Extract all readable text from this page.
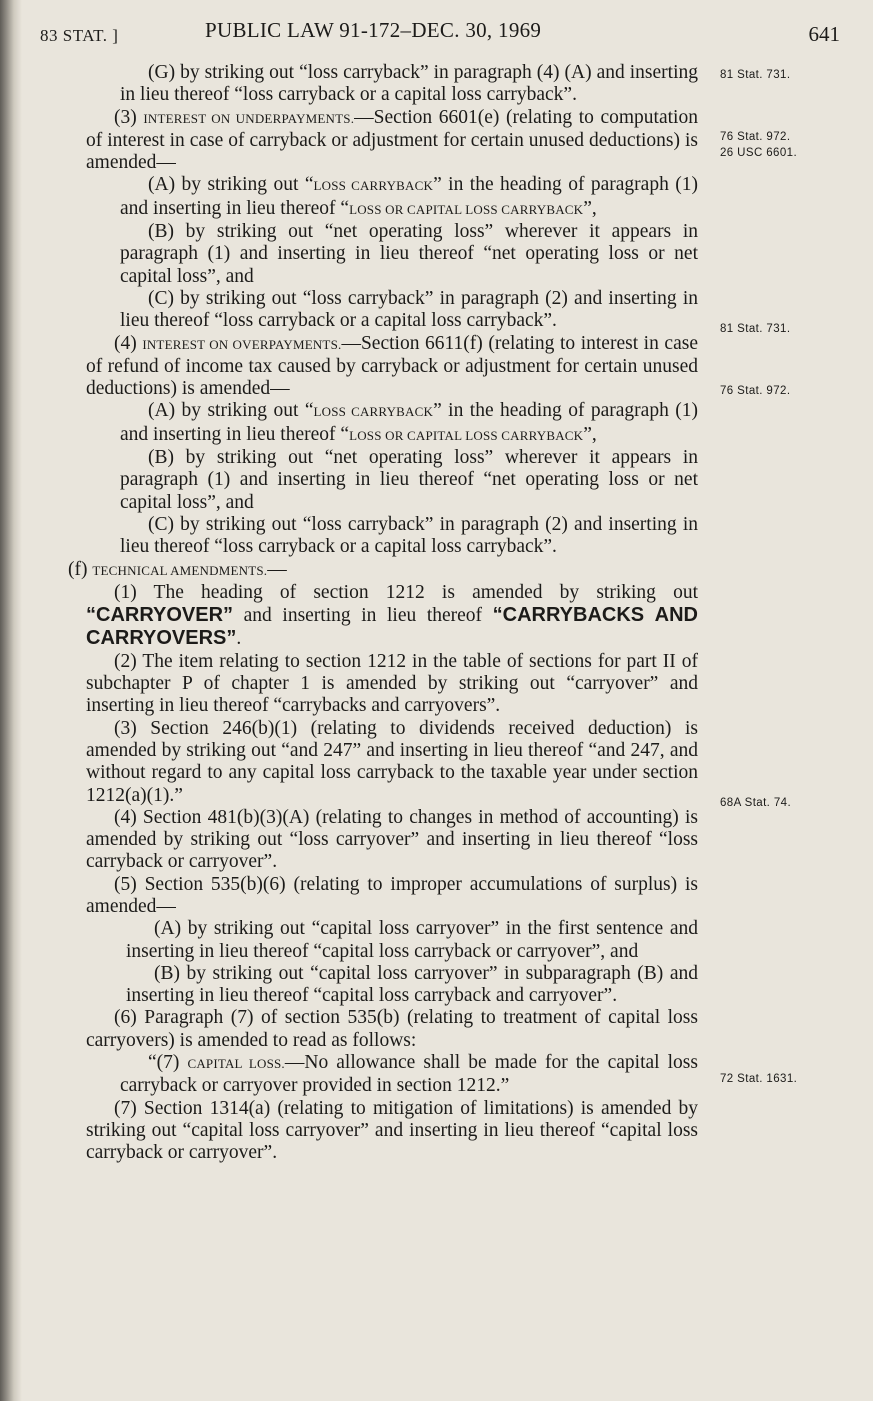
83 STAT. ]	PUBLIC LAW 91-172–DEC. 30, 1969	641

(G) by striking out “loss carryback” in paragraph (4) (A) and inserting in lieu thereof “loss carryback or a capital loss carryback”.

(3) INTEREST ON UNDERPAYMENTS.—Section 6601(e) (relating to computation of interest in case of carryback or adjustment for certain unused deductions) is amended—

(A) by striking out “LOSS CARRYBACK” in the heading of paragraph (1) and inserting in lieu thereof “LOSS OR CAPITAL LOSS CARRYBACK”,

(B) by striking out “net operating loss” wherever it appears in paragraph (1) and inserting in lieu thereof “net operating loss or net capital loss”, and

(C) by striking out “loss carryback” in paragraph (2) and inserting in lieu thereof “loss carryback or a capital loss carryback”.

(4) INTEREST ON OVERPAYMENTS.—Section 6611(f) (relating to interest in case of refund of income tax caused by carryback or adjustment for certain unused deductions) is amended—

(A) by striking out “LOSS CARRYBACK” in the heading of paragraph (1) and inserting in lieu thereof “LOSS OR CAPITAL LOSS CARRYBACK”,

(B) by striking out “net operating loss” wherever it appears in paragraph (1) and inserting in lieu thereof “net operating loss or net capital loss”, and

(C) by striking out “loss carryback” in paragraph (2) and inserting in lieu thereof “loss carryback or a capital loss carryback”.

(f) TECHNICAL AMENDMENTS.—

(1) The heading of section 1212 is amended by striking out “CARRYOVER” and inserting in lieu thereof “CARRYBACKS AND CARRYOVERS”.

(2) The item relating to section 1212 in the table of sections for part II of subchapter P of chapter 1 is amended by striking out “carryover” and inserting in lieu thereof “carrybacks and carryovers”.

(3) Section 246(b)(1) (relating to dividends received deduction) is amended by striking out “and 247” and inserting in lieu thereof “and 247, and without regard to any capital loss carryback to the taxable year under section 1212(a)(1).”

(4) Section 481(b)(3)(A) (relating to changes in method of accounting) is amended by striking out “loss carryover” and inserting in lieu thereof “loss carryback or carryover”.

(5) Section 535(b)(6) (relating to improper accumulations of surplus) is amended—

(A) by striking out “capital loss carryover” in the first sentence and inserting in lieu thereof “capital loss carryback or carryover”, and

(B) by striking out “capital loss carryover” in subparagraph (B) and inserting in lieu thereof “capital loss carryback and carryover”.

(6) Paragraph (7) of section 535(b) (relating to treatment of capital loss carryovers) is amended to read as follows:

“(7) CAPITAL LOSS.—No allowance shall be made for the capital loss carryback or carryover provided in section 1212.”

(7) Section 1314(a) (relating to mitigation of limitations) is amended by striking out “capital loss carryover” and inserting in lieu thereof “capital loss carryback or carryover”.

81 Stat. 731.
76 Stat. 972.
26 USC 6601.
81 Stat. 731.
76 Stat. 972.
68A Stat. 74.
72 Stat. 1631.
